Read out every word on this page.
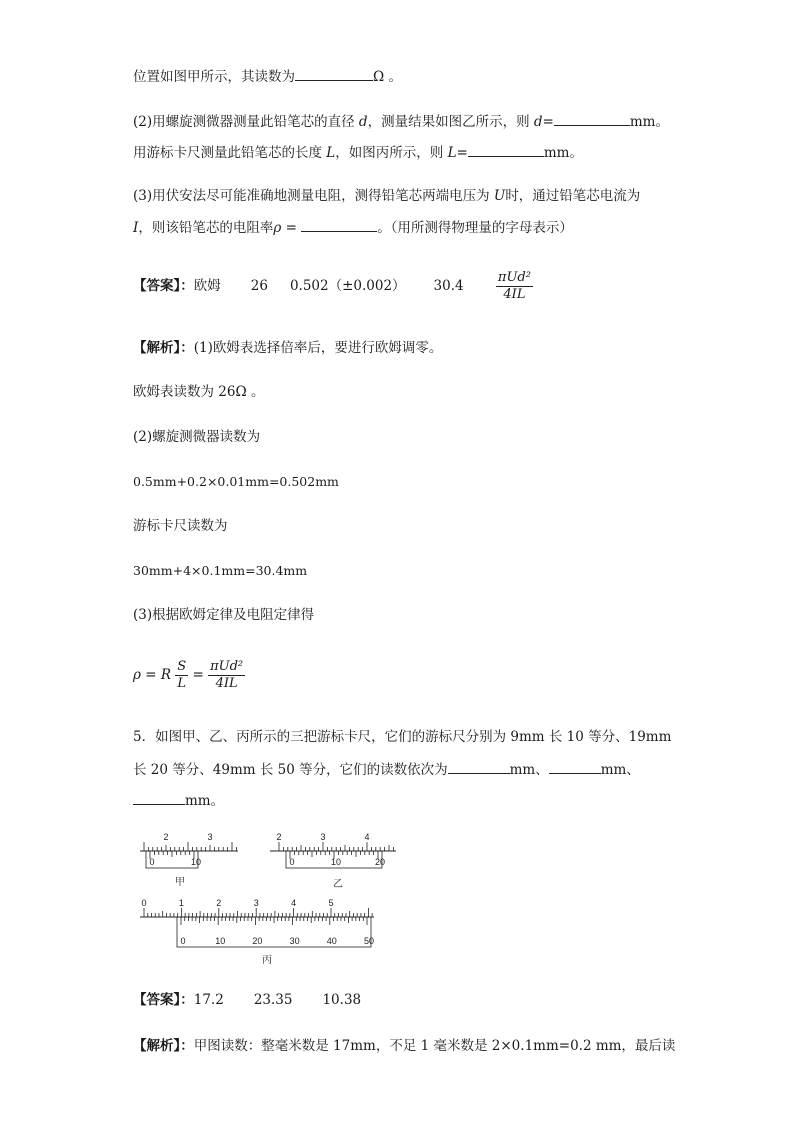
位置如图甲所示，其读数为	Ω 。
(2)用螺旋测微器测量此铅笔芯的直径 d，测量结果如图乙所示，则 d=	mm。
用游标卡尺测量此铅笔芯的长度 L，如图丙所示，则 L=	mm。
(3)用伏安法尽可能准确地测量电阻，测得铅笔芯两端电压为 U时，通过铅笔芯电流为
I，则该铅笔芯的电阻率ρ =	。（用所测得物理量的字母表示）
【答案】：欧姆 26 0.502（±0.002） $30.4 \frac{\text{πUd²}}{4IL}$
【解析】：(1)欧姆表选择倍率后，要进行欧姆调零。
欧姆表读数为 26Ω 。
(2)螺旋测微器读数为
0.5mm+0.2×0.01mm=0.502mm
游标卡尺读数为
30mm+4×0.1mm=30.4mm
(3)根据欧姆定律及电阻定律得
ρ = R $\frac{S}{L} = \frac{\text{πUd²}}{4IL}$
5．如图甲、乙、丙所示的三把游标卡尺，它们的游标尺分别为 9mm 长 10 等分、19mm
长 20 等分、49mm 长 50 等分，它们的读数依次为	mm、	mm、
mm。
2	3
0	10
甲
2	3	4
0	10	20
乙
0	1	2	3	4	5
0	10	20	30	40	50
丙
【答案】：17.2 23.35 10.38
【解析】：甲图读数：整毫米数是 17mm，不足 1 毫米数是 2×0.1mm=0.2 mm，最后读
